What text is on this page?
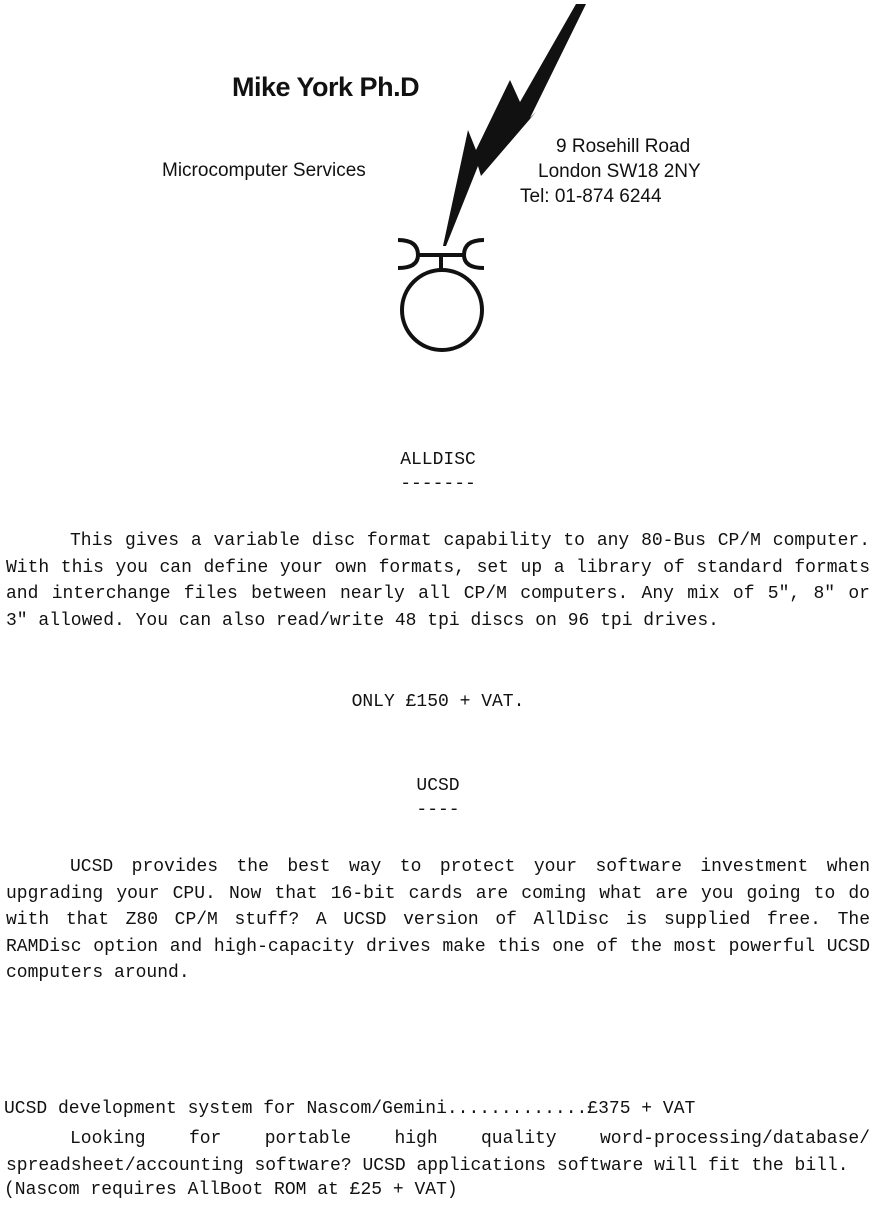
Mike York Ph.D
Microcomputer Services
9 Rosehill Road
London SW18 2NY
Tel: 01-874 6244
ALLDISC
-------
This gives a variable disc format capability to any 80-Bus CP/M computer. With this you can define your own formats, set up a library of standard formats and interchange files between nearly all CP/M computers. Any mix of 5", 8" or 3" allowed. You can also read/write 48 tpi discs on 96 tpi drives.
ONLY £150 + VAT.
UCSD
----
UCSD provides the best way to protect your software investment when upgrading your CPU. Now that 16-bit cards are coming what are you going to do with that Z80 CP/M stuff? A UCSD version of AllDisc is supplied free. The RAMDisc option and high-capacity drives make this one of the most powerful UCSD computers around.

UCSD development system for Nascom/Gemini.............£375 + VAT

(Nascom requires AllBoot ROM at £25 + VAT)

Looking for portable high quality word-processing/database/ spreadsheet/accounting software? UCSD applications software will fit the bill.
